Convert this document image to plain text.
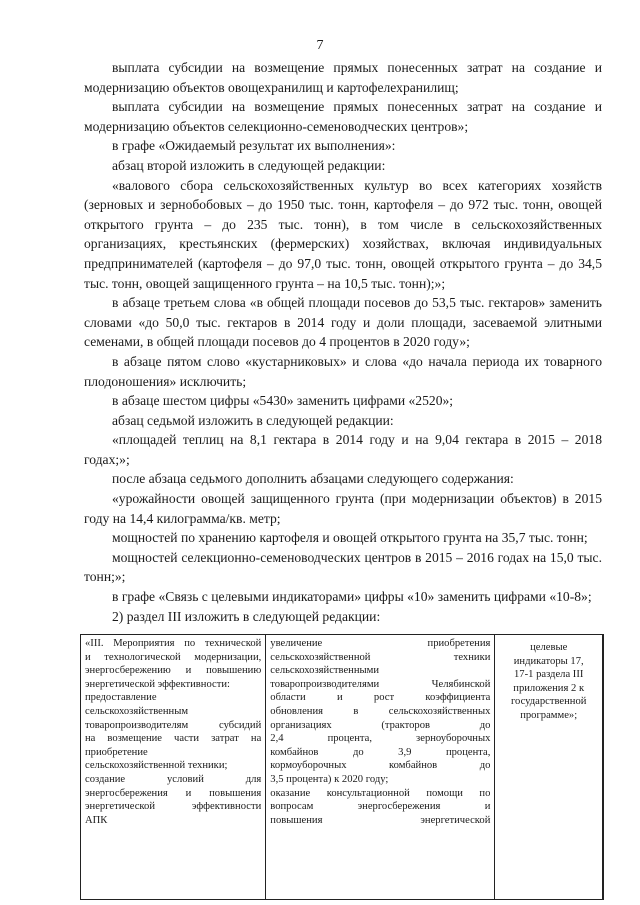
7

выплата субсидии на возмещение прямых понесенных затрат на создание и модернизацию объектов овощехранилищ и картофелехранилищ;

выплата субсидии на возмещение прямых понесенных затрат на создание и модернизацию объектов селекционно-семеноводческих центров»;

в графе «Ожидаемый результат их выполнения»:

абзац второй изложить в следующей редакции:

«валового сбора сельскохозяйственных культур во всех категориях хозяйств (зерновых и зернобобовых – до 1950 тыс. тонн, картофеля – до 972 тыс. тонн, овощей открытого грунта – до 235 тыс. тонн), в том числе в сельскохозяйственных организациях, крестьянских (фермерских) хозяйствах, включая индивидуальных предпринимателей (картофеля – до 97,0 тыс. тонн, овощей открытого грунта – до 34,5 тыс. тонн, овощей защищенного грунта – на 10,5 тыс. тонн);»;

в абзаце третьем слова «в общей площади посевов до 53,5 тыс. гектаров» заменить словами «до 50,0 тыс. гектаров в 2014 году и доли площади, засеваемой элитными семенами, в общей площади посевов до 4 процентов в 2020 году»;

в абзаце пятом слово «кустарниковых» и слова «до начала периода их товарного плодоношения» исключить;

в абзаце шестом цифры «5430» заменить цифрами «2520»;

абзац седьмой изложить в следующей редакции:

«площадей теплиц на 8,1 гектара в 2014 году и на 9,04 гектара в 2015 – 2018 годах;»;

после абзаца седьмого дополнить абзацами следующего содержания:

«урожайности овощей защищенного грунта (при модернизации объектов) в 2015 году на 14,4 килограмма/кв. метр;

мощностей по хранению картофеля и овощей открытого грунта на 35,7 тыс. тонн;

мощностей селекционно-семеноводческих центров в 2015 – 2016 годах на 15,0 тыс. тонн;»;

в графе «Связь с целевыми индикаторами» цифры «10» заменить цифрами «10-8»;

2) раздел III изложить в следующей редакции:

«III. Мероприятия по технической
и технологической модернизации,
энергосбережению и повышению
энергетической эффективности:
предоставление
сельскохозяйственным
товаропроизводителям субсидий
на возмещение части затрат на
приобретение
сельскохозяйственной техники;
создание условий для
энергосбережения и повышения
энергетической эффективности
АПК
увеличение приобретения
сельскохозяйственной техники
сельскохозяйственными
товаропроизводителями Челябинской
области и рост коэффициента
обновления в сельскохозяйственных
организациях (тракторов до
2,4 процента, зерноуборочных
комбайнов до 3,9 процента,
кормоуборочных комбайнов до
3,5 процента) к 2020 году;
оказание консультационной помощи по
вопросам энергосбережения и
повышения энергетической
целевые
индикаторы 17,
17-1 раздела III
приложения 2 к
государственной
программе»;
